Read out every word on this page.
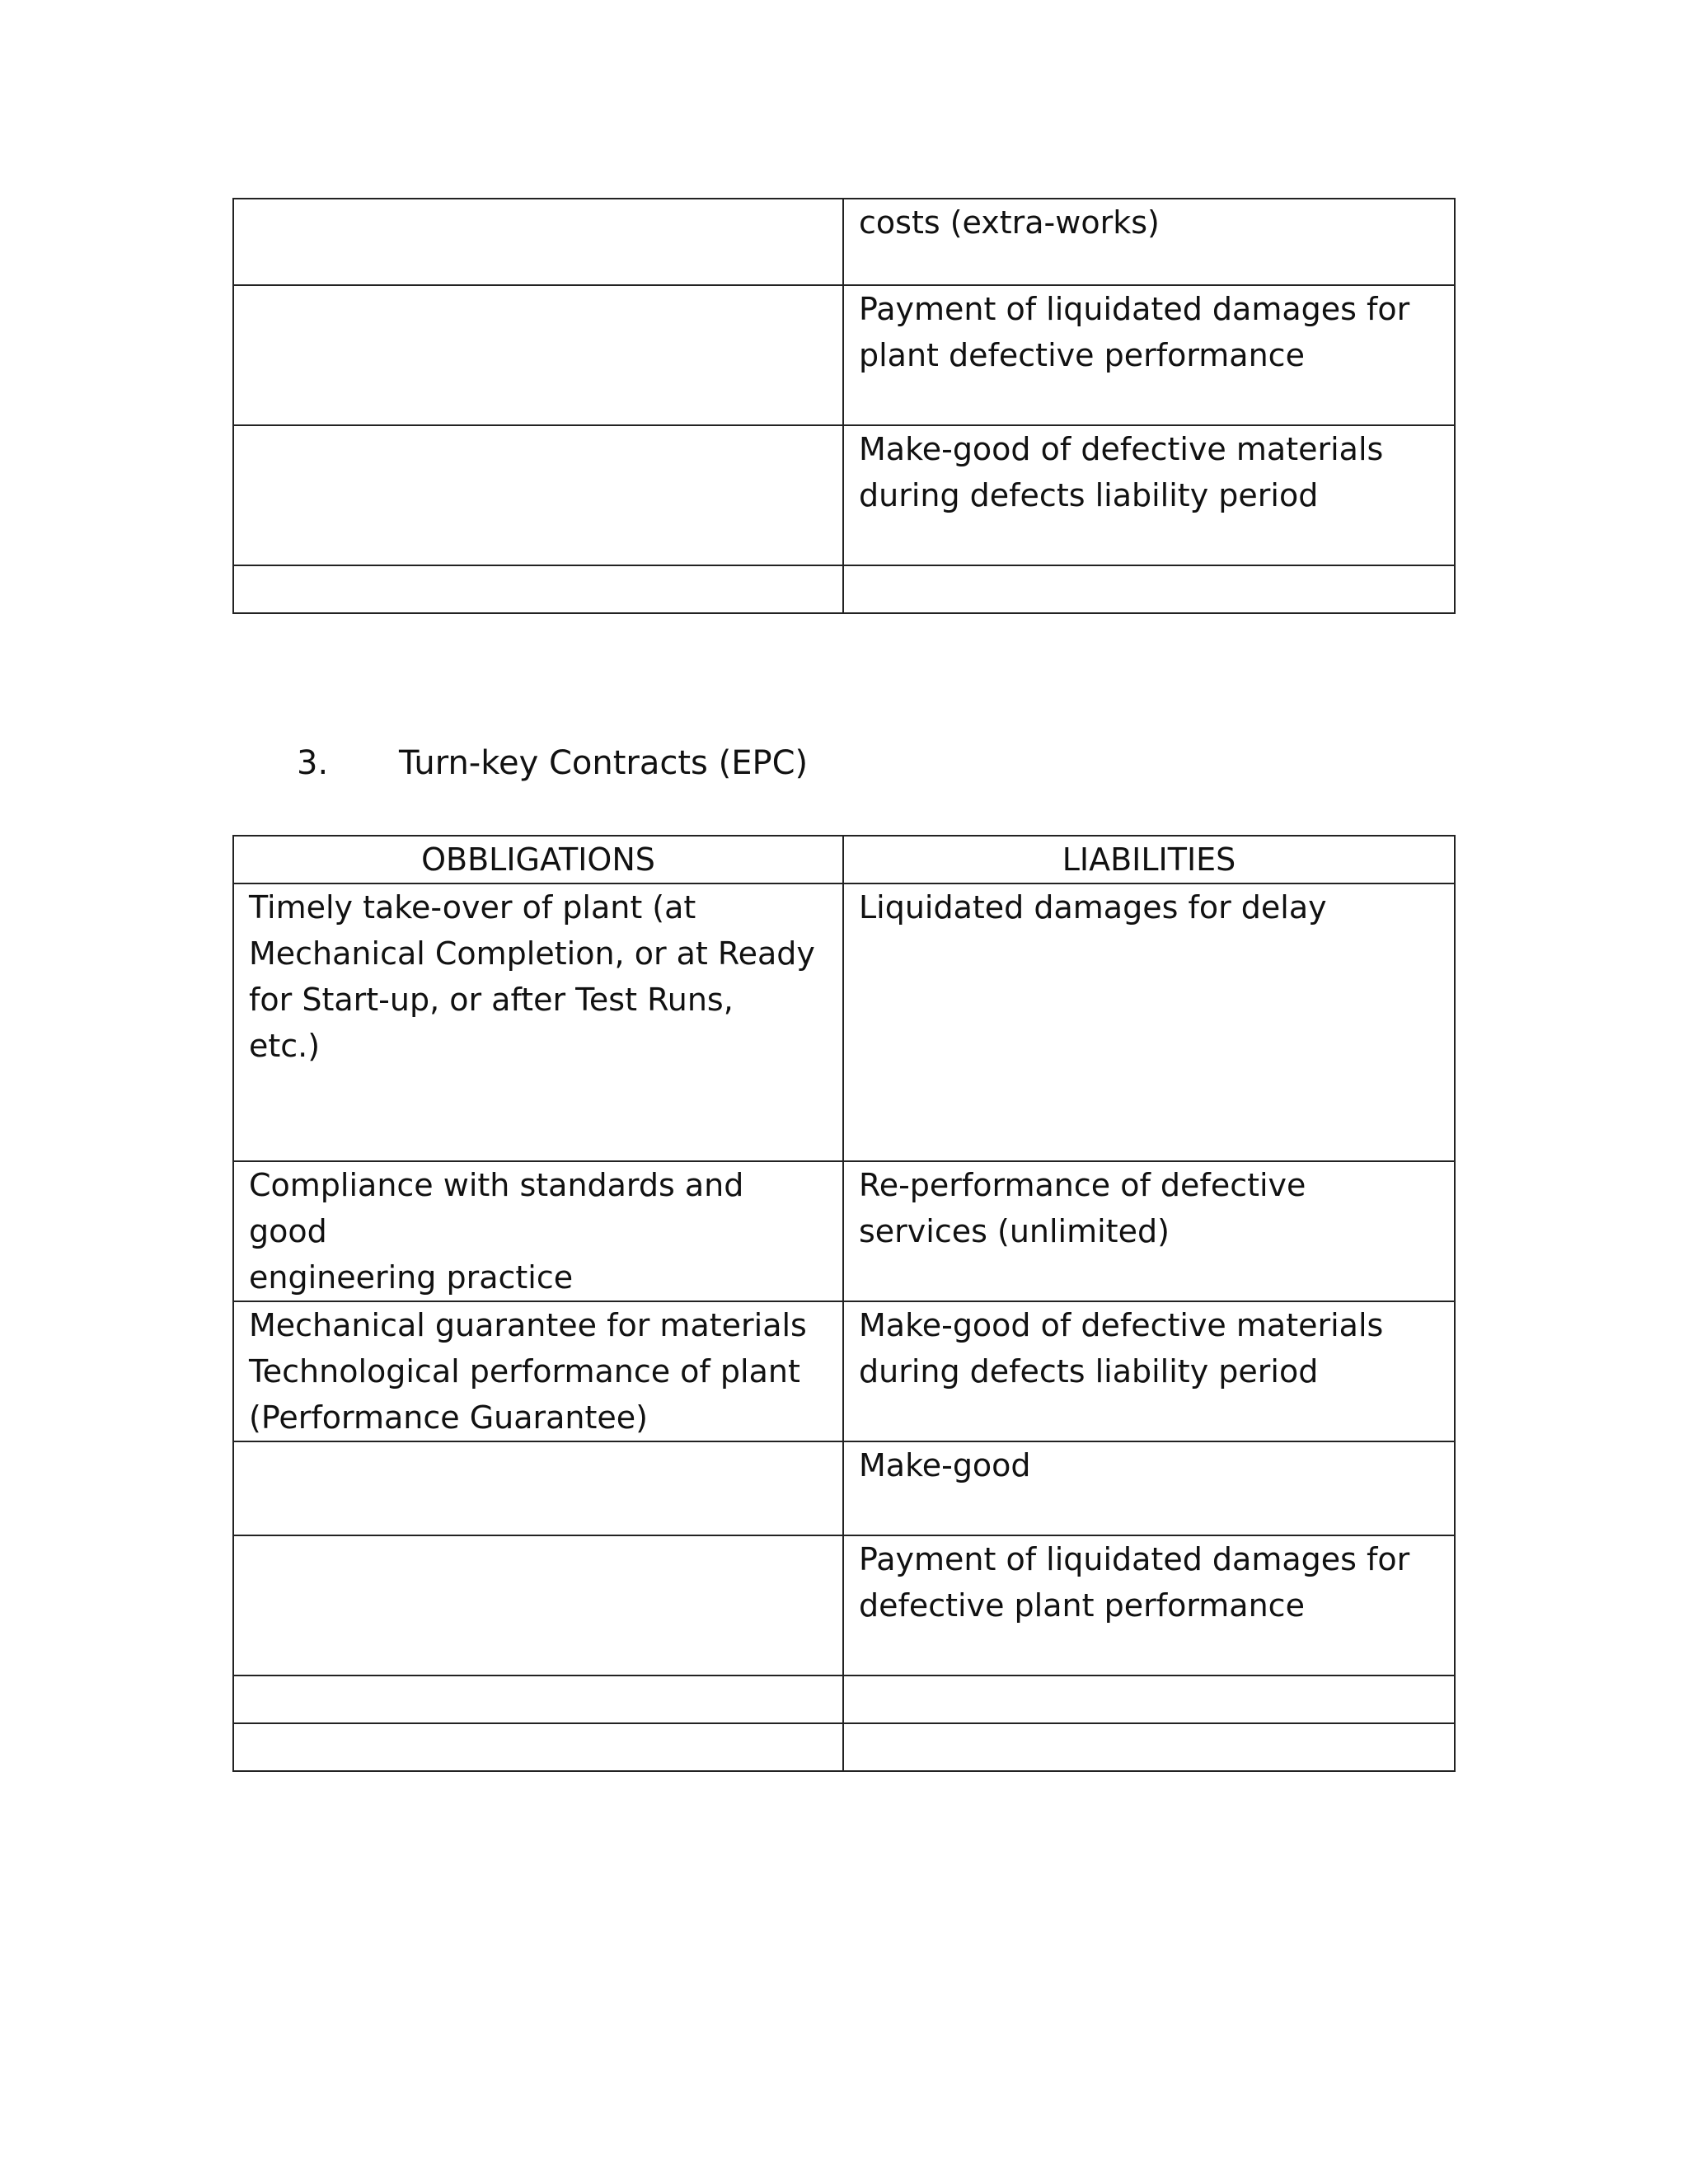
	costs (extra-works)

	Payment of liquidated damages for
plant defective performance

	Make-good of defective materials
during defects liability period

3. Turn-key Contracts (EPC)
OBBLIGATIONS	LIABILITIES

Timely take-over of plant (at
Mechanical Completion, or at Ready
for Start-up, or after Test Runs,
etc.)	Liquidated damages for delay

Compliance with standards and good
engineering practice	Re-performance of defective
services (unlimited)

Mechanical guarantee for materials
Technological performance of plant
(Performance Guarantee)	Make-good of defective materials
during defects liability period

	Make-good

	Payment of liquidated damages for
defective plant performance
